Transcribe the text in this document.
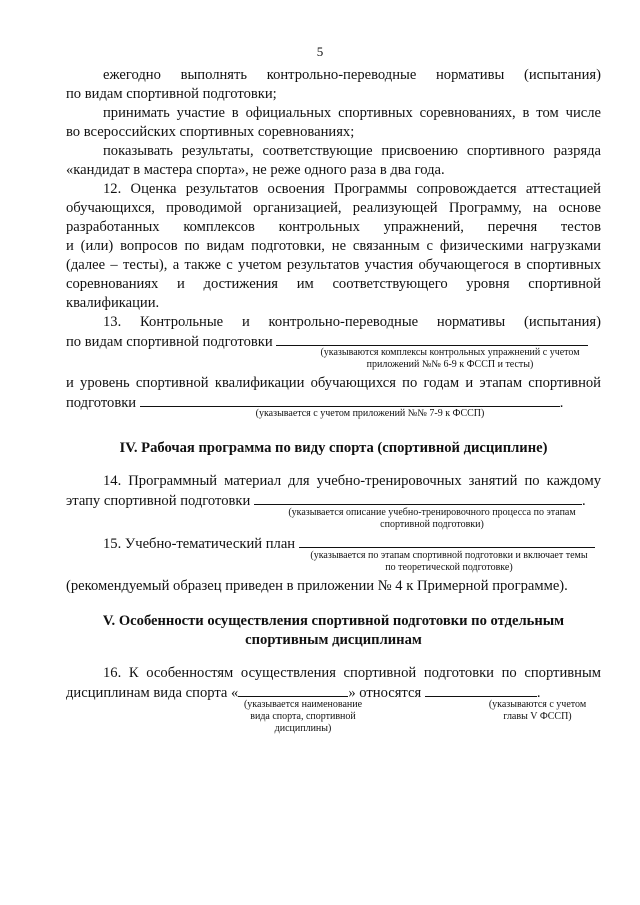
5
ежегодно выполнять контрольно-переводные нормативы (испытания)
по видам спортивной подготовки;
принимать участие в официальных спортивных соревнованиях, в том числе
во всероссийских спортивных соревнованиях;
показывать результаты, соответствующие присвоению спортивного разряда
«кандидат в мастера спорта», не реже одного раза в два года.
12. Оценка результатов освоения Программы сопровождается аттестацией
обучающихся, проводимой организацией, реализующей Программу, на основе
разработанных комплексов контрольных упражнений, перечня тестов
и (или) вопросов по видам подготовки, не связанным с физическими нагрузками
(далее – тесты), а также с учетом результатов участия обучающегося в спортивных
соревнованиях и достижения им соответствующего уровня спортивной
квалификации.
13. Контрольные и контрольно-переводные нормативы (испытания)
по видам спортивной подготовки
(указываются комплексы контрольных упражнений с учетом
приложений №№ 6-9 к ФССП и тесты)
и уровень спортивной квалификации обучающихся по годам и этапам спортивной
подготовки	.
(указывается с учетом приложений №№ 7-9 к ФССП)
IV. Рабочая программа по виду спорта (спортивной дисциплине)
14. Программный материал для учебно-тренировочных занятий по каждому
этапу спортивной подготовки	.
(указывается описание учебно-тренировочного процесса по этапам
спортивной подготовки)
15. Учебно-тематический план
(указывается по этапам спортивной подготовки и включает темы
по теоретической подготовке)
(рекомендуемый образец приведен в приложении № 4 к Примерной программе).
V. Особенности осуществления спортивной подготовки по отдельным
спортивным дисциплинам
16. К особенностям осуществления спортивной подготовки по спортивным
дисциплинам вида спорта «	» относятся	.
(указывается наименование
вида спорта, спортивной
дисциплины)
(указываются с учетом
главы V ФССП)
